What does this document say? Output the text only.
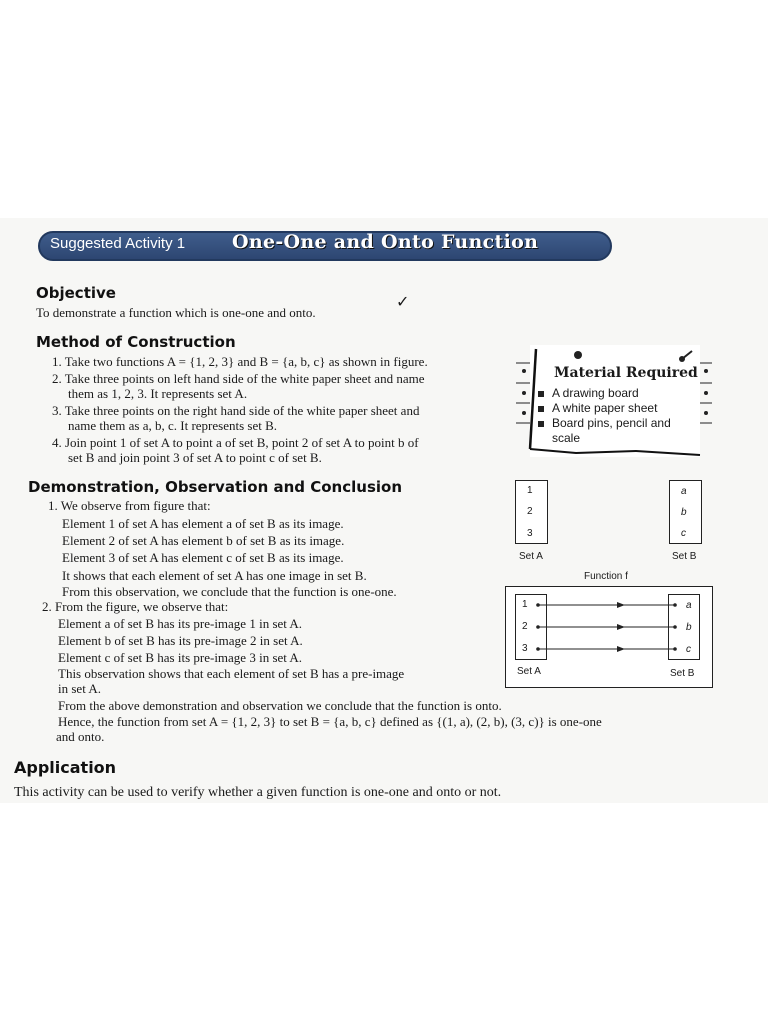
Suggested Activity 1 One-One and Onto Function
Objective
To demonstrate a function which is one-one and onto.
✓
Method of Construction
1. Take two functions A = {1, 2, 3} and B = {a, b, c} as shown in figure.
2. Take three points on left hand side of the white paper sheet and name
them as 1, 2, 3. It represents set A.
3. Take three points on the right hand side of the white paper sheet and
name them as a, b, c. It represents set B.
4. Join point 1 of set A to point a of set B, point 2 of set A to point b of
set B and join point 3 of set A to point c of set B.
Material Required
A drawing board
A white paper sheet
Board pins, pencil and
scale
Demonstration, Observation and Conclusion
1. We observe from figure that:
Element 1 of set A has element a of set B as its image.
Element 2 of set A has element b of set B as its image.
Element 3 of set A has element c of set B as its image.
It shows that each element of set A has one image in set B.
From this observation, we conclude that the function is one-one.
2. From the figure, we observe that:
Element a of set B has its pre-image 1 in set A.
Element b of set B has its pre-image 2 in set A.
Element c of set B has its pre-image 3 in set A.
This observation shows that each element of set B has a pre-image
in set A.
From the above demonstration and observation we conclude that the function is onto.
Hence, the function from set A = {1, 2, 3} to set B = {a, b, c} defined as {(1, a), (2, b), (3, c)} is one-one
and onto.
1
2
3
Set A
a
b
c
Set B
Function f
1
2
3
a
b
c
Set A	Set B
Application
This activity can be used to verify whether a given function is one-one and onto or not.
